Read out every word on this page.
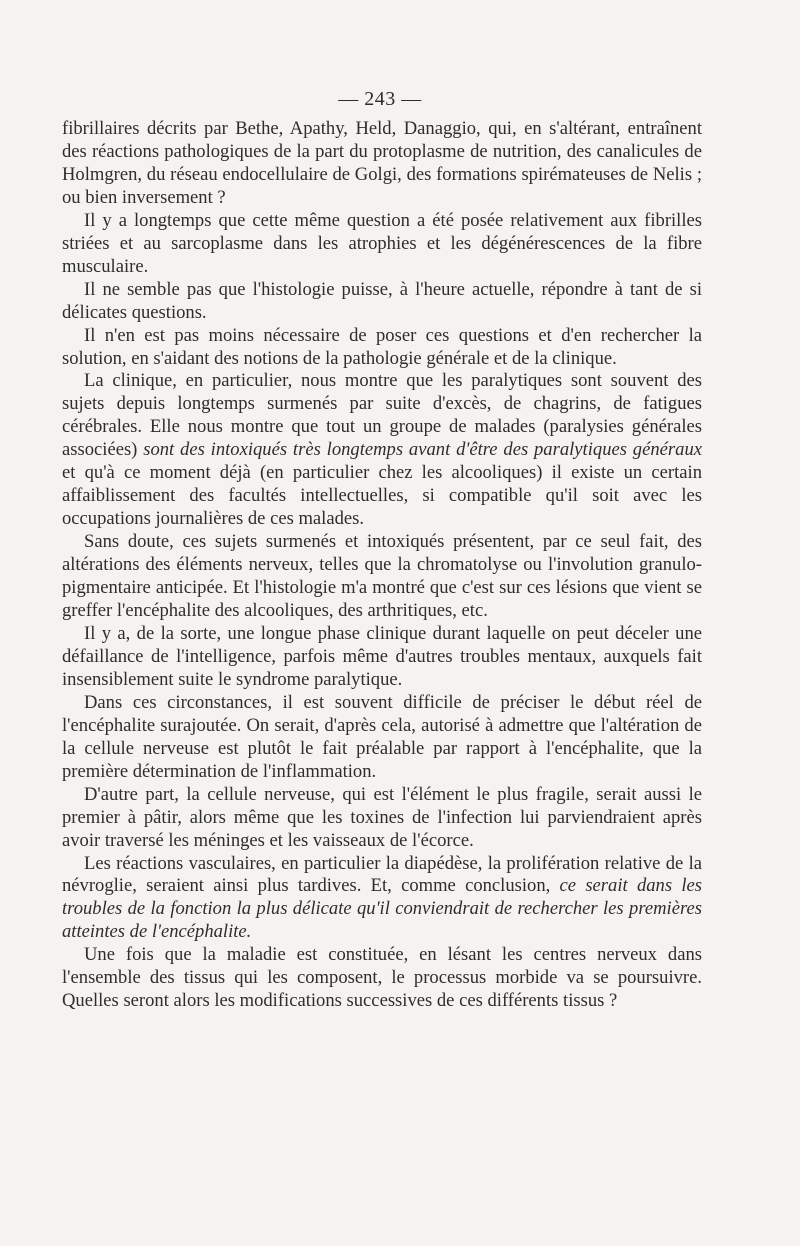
— 243 —

fibrillaires décrits par Bethe, Apathy, Held, Danaggio, qui, en s'altérant, entraînent des réactions pathologiques de la part du protoplasme de nutrition, des canalicules de Holmgren, du réseau endocellulaire de Golgi, des formations spirémateuses de Nelis ; ou bien inversement ?

Il y a longtemps que cette même question a été posée relativement aux fibrilles striées et au sarcoplasme dans les atrophies et les dégénérescences de la fibre musculaire.

Il ne semble pas que l'histologie puisse, à l'heure actuelle, répondre à tant de si délicates questions.

Il n'en est pas moins nécessaire de poser ces questions et d'en rechercher la solution, en s'aidant des notions de la pathologie générale et de la clinique.

La clinique, en particulier, nous montre que les paralytiques sont souvent des sujets depuis longtemps surmenés par suite d'excès, de chagrins, de fatigues cérébrales. Elle nous montre que tout un groupe de malades (paralysies générales associées) sont des intoxiqués très longtemps avant d'être des paralytiques généraux et qu'à ce moment déjà (en particulier chez les alcooliques) il existe un certain affaiblissement des facultés intellectuelles, si compatible qu'il soit avec les occupations journalières de ces malades.

Sans doute, ces sujets surmenés et intoxiqués présentent, par ce seul fait, des altérations des éléments nerveux, telles que la chromatolyse ou l'involution granulo-pigmentaire anticipée. Et l'histologie m'a montré que c'est sur ces lésions que vient se greffer l'encéphalite des alcooliques, des arthritiques, etc.

Il y a, de la sorte, une longue phase clinique durant laquelle on peut déceler une défaillance de l'intelligence, parfois même d'autres troubles mentaux, auxquels fait insensiblement suite le syndrome paralytique.

Dans ces circonstances, il est souvent difficile de préciser le début réel de l'encéphalite surajoutée. On serait, d'après cela, autorisé à admettre que l'altération de la cellule nerveuse est plutôt le fait préalable par rapport à l'encéphalite, que la première détermination de l'inflammation.

D'autre part, la cellule nerveuse, qui est l'élément le plus fragile, serait aussi le premier à pâtir, alors même que les toxines de l'infection lui parviendraient après avoir traversé les méninges et les vaisseaux de l'écorce.

Les réactions vasculaires, en particulier la diapédèse, la prolifération relative de la névroglie, seraient ainsi plus tardives. Et, comme conclusion, ce serait dans les troubles de la fonction la plus délicate qu'il conviendrait de rechercher les premières atteintes de l'encéphalite.

Une fois que la maladie est constituée, en lésant les centres nerveux dans l'ensemble des tissus qui les composent, le processus morbide va se poursuivre. Quelles seront alors les modifications successives de ces différents tissus ?
